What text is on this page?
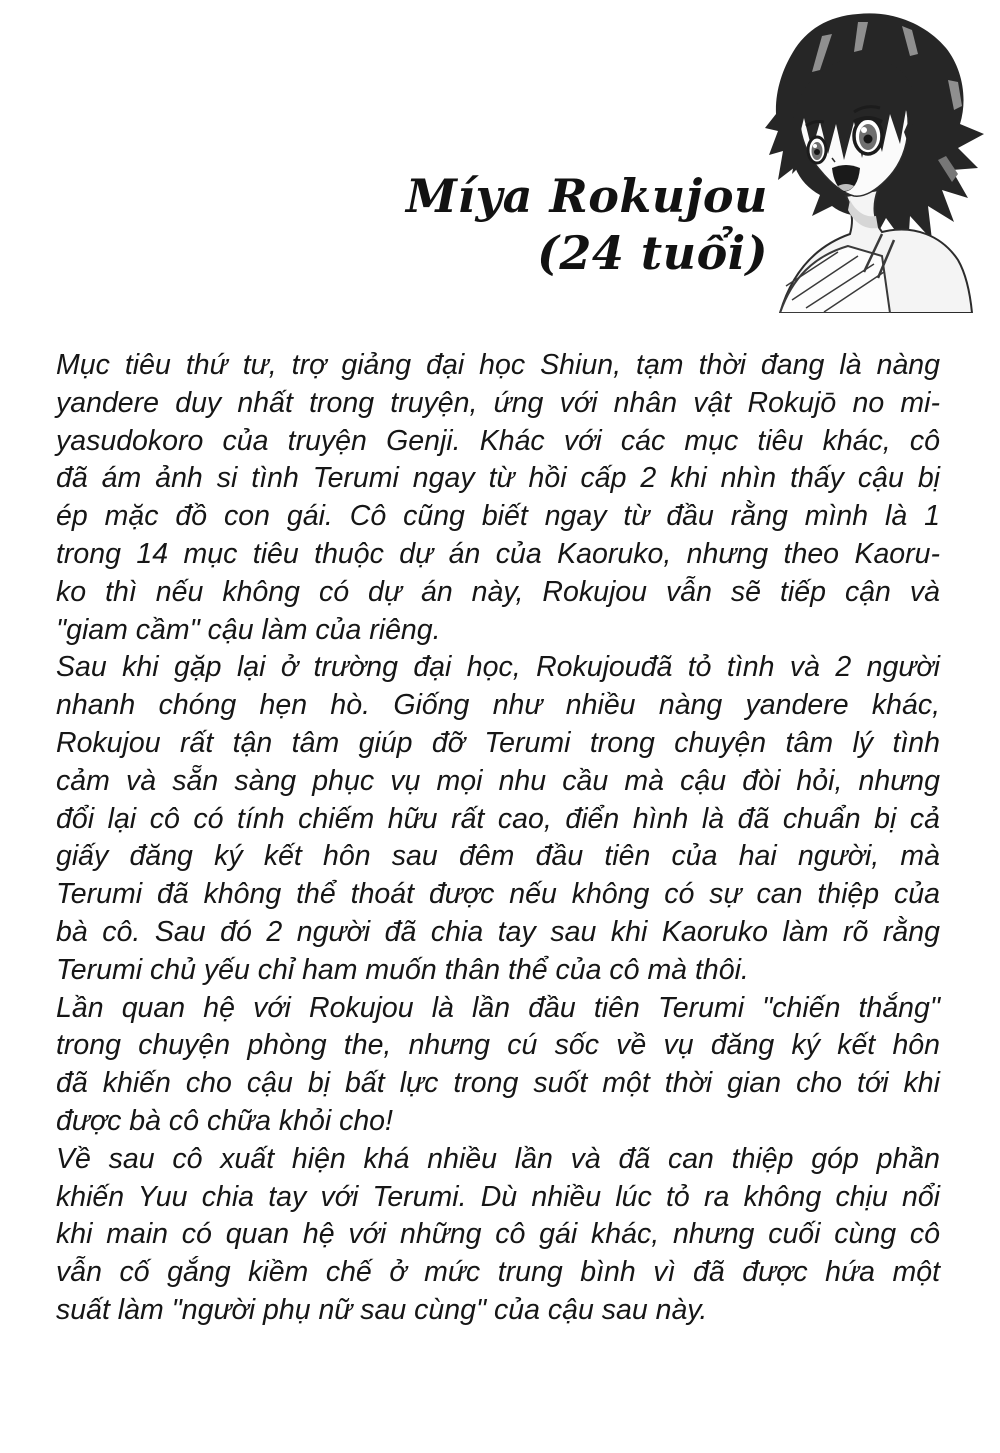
Míya Rokujou
(24 tuổi)
Mục tiêu thứ tư, trợ giảng đại học Shiun, tạm thời đang là nàng
yandere duy nhất trong truyện, ứng với nhân vật Rokujō no mi-
yasudokoro của truyện Genji. Khác với các mục tiêu khác, cô
đã ám ảnh si tình Terumi ngay từ hồi cấp 2 khi nhìn thấy cậu bị
ép mặc đồ con gái. Cô cũng biết ngay từ đầu rằng mình là 1
trong 14 mục tiêu thuộc dự án của Kaoruko, nhưng theo Kaoru-
ko thì nếu không có dự án này, Rokujou vẫn sẽ tiếp cận và
"giam cầm" cậu làm của riêng.
Sau khi gặp lại ở trường đại học, Rokujouđã tỏ tình và 2 người
nhanh chóng hẹn hò. Giống như nhiều nàng yandere khác,
Rokujou rất tận tâm giúp đỡ Terumi trong chuyện tâm lý tình
cảm và sẵn sàng phục vụ mọi nhu cầu mà cậu đòi hỏi, nhưng
đổi lại cô có tính chiếm hữu rất cao, điển hình là đã chuẩn bị cả
giấy đăng ký kết hôn sau đêm đầu tiên của hai người, mà
Terumi đã không thể thoát được nếu không có sự can thiệp của
bà cô. Sau đó 2 người đã chia tay sau khi Kaoruko làm rõ rằng
Terumi chủ yếu chỉ ham muốn thân thể của cô mà thôi.
Lần quan hệ với Rokujou là lần đầu tiên Terumi "chiến thắng"
trong chuyện phòng the, nhưng cú sốc về vụ đăng ký kết hôn
đã khiến cho cậu bị bất lực trong suốt một thời gian cho tới khi
được bà cô chữa khỏi cho!
Về sau cô xuất hiện khá nhiều lần và đã can thiệp góp phần
khiến Yuu chia tay với Terumi. Dù nhiều lúc tỏ ra không chịu nổi
khi main có quan hệ với những cô gái khác, nhưng cuối cùng cô
vẫn cố gắng kiềm chế ở mức trung bình vì đã được hứa một
suất làm "người phụ nữ sau cùng" của cậu sau này.
